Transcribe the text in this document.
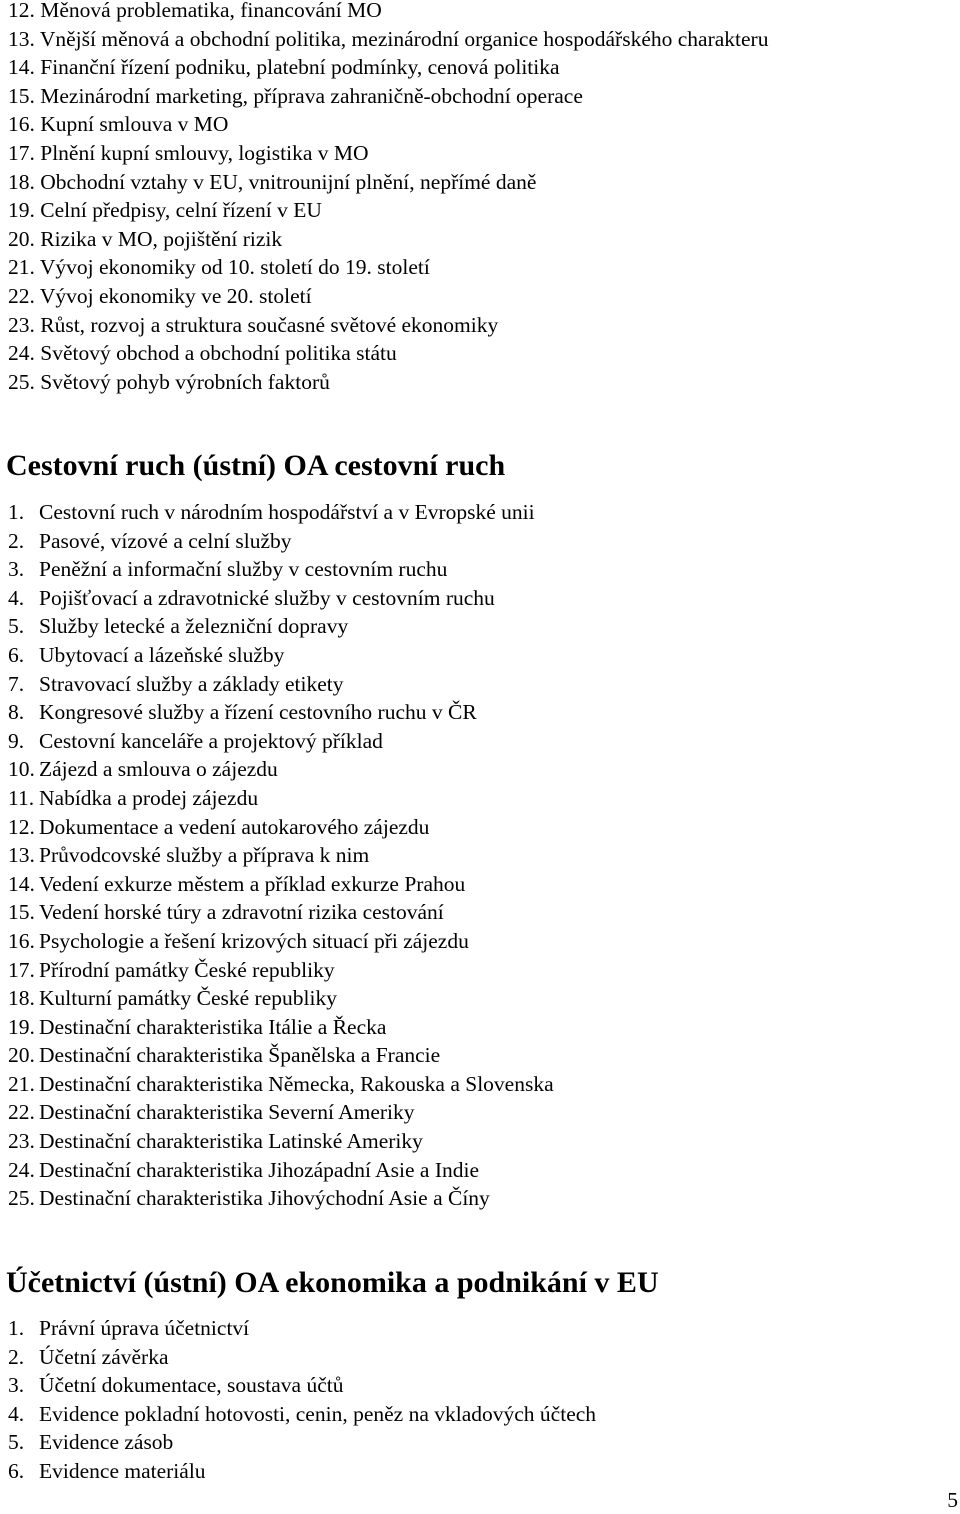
12. Měnová problematika, financování MO
13. Vnější měnová a obchodní politika, mezinárodní organice hospodářského charakteru
14. Finanční řízení podniku, platební podmínky, cenová politika
15. Mezinárodní marketing, příprava zahraničně-obchodní operace
16. Kupní smlouva v MO
17. Plnění kupní smlouvy, logistika v MO
18. Obchodní vztahy v EU, vnitrounijní plnění, nepřímé daně
19. Celní předpisy, celní řízení v EU
20. Rizika v MO, pojištění rizik
21. Vývoj ekonomiky od 10. století do 19. století
22. Vývoj ekonomiky ve 20. století
23. Růst, rozvoj a struktura současné světové ekonomiky
24. Světový obchod a obchodní politika státu
25. Světový pohyb výrobních faktorů
Cestovní ruch (ústní) OA cestovní ruch
1. Cestovní ruch v národním hospodářství a v Evropské unii
2. Pasové, vízové a celní služby
3. Peněžní a informační služby v cestovním ruchu
4. Pojišťovací a zdravotnické služby v cestovním ruchu
5. Služby letecké a železniční dopravy
6. Ubytovací a lázeňské služby
7. Stravovací služby a základy etikety
8. Kongresové služby a řízení cestovního ruchu v ČR
9. Cestovní kanceláře a projektový příklad
10. Zájezd a smlouva o zájezdu
11. Nabídka a prodej zájezdu
12. Dokumentace a vedení autokarového zájezdu
13. Průvodcovské služby a příprava k nim
14. Vedení exkurze městem a příklad exkurze Prahou
15. Vedení horské túry a zdravotní rizika cestování
16. Psychologie a řešení krizových situací při zájezdu
17. Přírodní památky České republiky
18. Kulturní památky České republiky
19. Destinační charakteristika Itálie a Řecka
20. Destinační charakteristika Španělska a Francie
21. Destinační charakteristika Německa, Rakouska a Slovenska
22. Destinační charakteristika Severní Ameriky
23. Destinační charakteristika Latinské Ameriky
24. Destinační charakteristika Jihozápadní Asie a Indie
25. Destinační charakteristika Jihovýchodní Asie a Číny
Účetnictví (ústní) OA ekonomika a podnikání v EU
1. Právní úprava účetnictví
2. Účetní závěrka
3. Účetní dokumentace, soustava účtů
4. Evidence pokladní hotovosti, cenin, peněz na vkladových účtech
5. Evidence zásob
6. Evidence materiálu
5
